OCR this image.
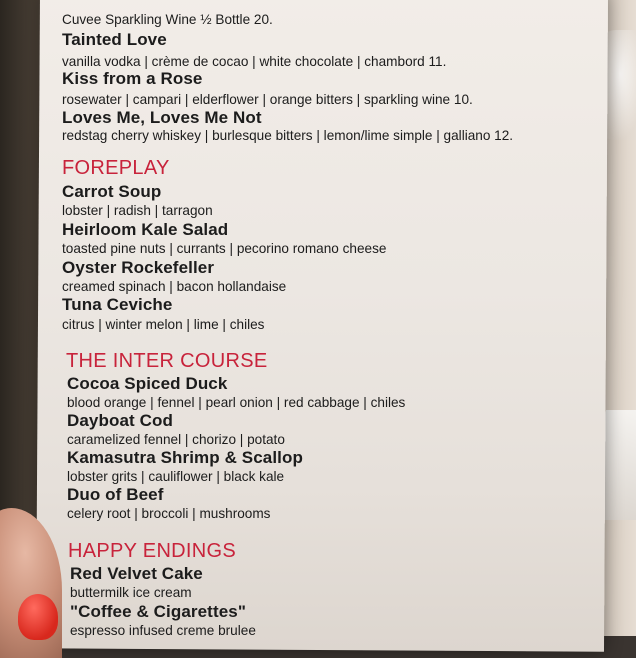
Cuvee Sparkling Wine ½ Bottle 20.
Tainted Love
vanilla vodka | crème de cocao | white chocolate | chambord 11.
Kiss from a Rose
rosewater | campari | elderflower | orange bitters | sparkling wine 10.
Loves Me, Loves Me Not
redstag cherry whiskey | burlesque bitters | lemon/lime simple | galliano 12.
FOREPLAY
Carrot Soup
lobster | radish | tarragon
Heirloom Kale Salad
toasted pine nuts | currants | pecorino romano cheese
Oyster Rockefeller
creamed spinach | bacon hollandaise
Tuna Ceviche
citrus | winter melon | lime | chiles
THE INTER COURSE
Cocoa Spiced Duck
blood orange | fennel | pearl onion | red cabbage | chiles
Dayboat Cod
caramelized fennel | chorizo | potato
Kamasutra Shrimp & Scallop
lobster grits | cauliflower | black kale
Duo of Beef
celery root | broccoli | mushrooms
HAPPY ENDINGS
Red Velvet Cake
buttermilk ice cream
"Coffee & Cigarettes"
espresso infused creme brulee
